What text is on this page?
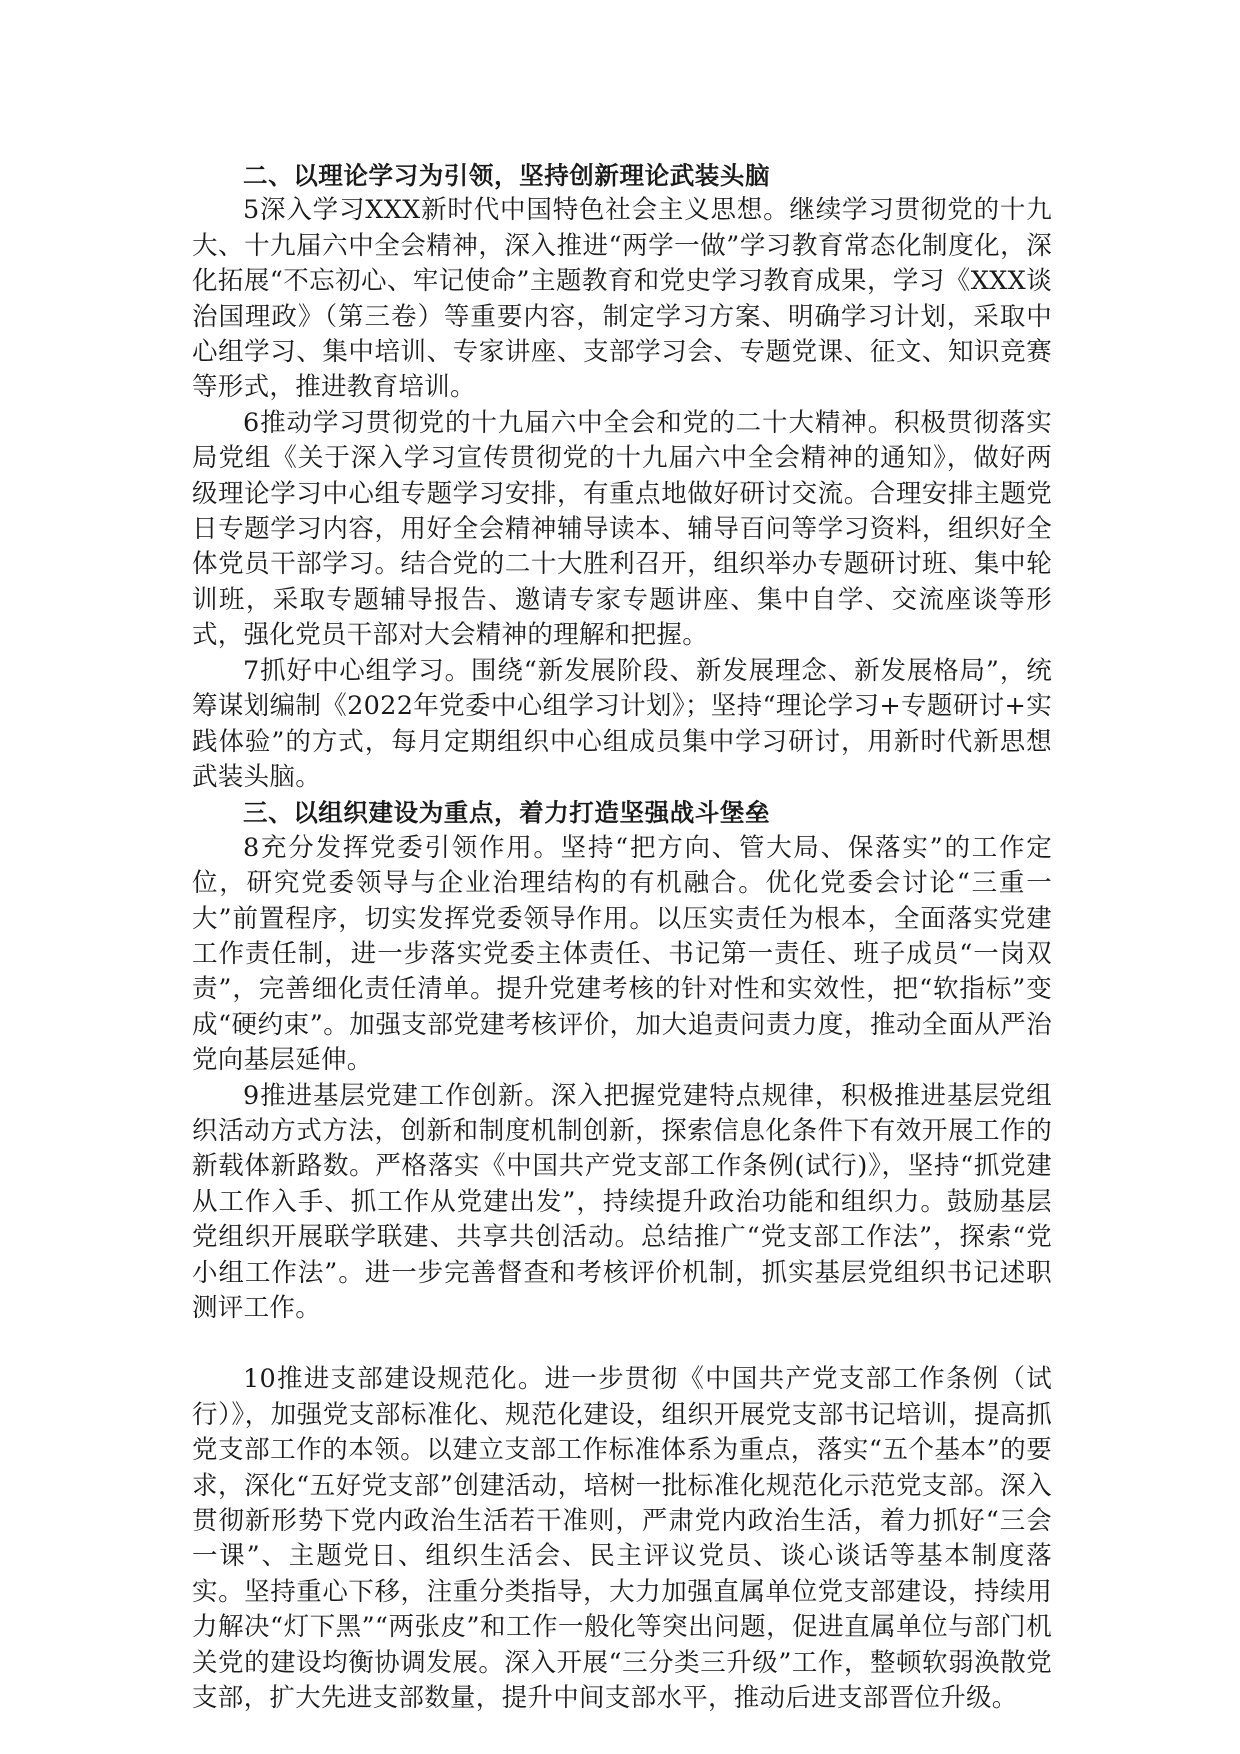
二、以理论学习为引领，坚持创新理论武装头脑

5深入学习XXX新时代中国特色社会主义思想。继续学习贯彻党的十九大、十九届六中全会精神，深入推进“两学一做”学习教育常态化制度化，深化拓展“不忘初心、牢记使命”主题教育和党史学习教育成果，学习《XXX谈治国理政》（第三卷）等重要内容，制定学习方案、明确学习计划，采取中心组学习、集中培训、专家讲座、支部学习会、专题党课、征文、知识竞赛等形式，推进教育培训。

6推动学习贯彻党的十九届六中全会和党的二十大精神。积极贯彻落实局党组《关于深入学习宣传贯彻党的十九届六中全会精神的通知》，做好两级理论学习中心组专题学习安排，有重点地做好研讨交流。合理安排主题党日专题学习内容，用好全会精神辅导读本、辅导百问等学习资料，组织好全体党员干部学习。结合党的二十大胜利召开，组织举办专题研讨班、集中轮训班，采取专题辅导报告、邀请专家专题讲座、集中自学、交流座谈等形式，强化党员干部对大会精神的理解和把握。

7抓好中心组学习。围绕“新发展阶段、新发展理念、新发展格局”，统筹谋划编制《2022年党委中心组学习计划》；坚持“理论学习+专题研讨+实践体验”的方式，每月定期组织中心组成员集中学习研讨，用新时代新思想武装头脑。

三、以组织建设为重点，着力打造坚强战斗堡垒

8充分发挥党委引领作用。坚持“把方向、管大局、保落实”的工作定位，研究党委领导与企业治理结构的有机融合。优化党委会讨论“三重一大”前置程序，切实发挥党委领导作用。以压实责任为根本，全面落实党建工作责任制，进一步落实党委主体责任、书记第一责任、班子成员“一岗双责”，完善细化责任清单。提升党建考核的针对性和实效性，把“软指标”变成“硬约束”。加强支部党建考核评价，加大追责问责力度，推动全面从严治党向基层延伸。

9推进基层党建工作创新。深入把握党建特点规律，积极推进基层党组织活动方式方法，创新和制度机制创新，探索信息化条件下有效开展工作的新载体新路数。严格落实《中国共产党支部工作条例(试行)》，坚持“抓党建从工作入手、抓工作从党建出发”，持续提升政治功能和组织力。鼓励基层党组织开展联学联建、共享共创活动。总结推广“党支部工作法”，探索“党小组工作法”。进一步完善督查和考核评价机制，抓实基层党组织书记述职测评工作。

10推进支部建设规范化。进一步贯彻《中国共产党支部工作条例（试行）》，加强党支部标准化、规范化建设，组织开展党支部书记培训，提高抓党支部工作的本领。以建立支部工作标准体系为重点，落实“五个基本”的要求，深化“五好党支部”创建活动，培树一批标准化规范化示范党支部。深入贯彻新形势下党内政治生活若干准则，严肃党内政治生活，着力抓好“三会一课”、主题党日、组织生活会、民主评议党员、谈心谈话等基本制度落实。坚持重心下移，注重分类指导，大力加强直属单位党支部建设，持续用力解决“灯下黑”“两张皮”和工作一般化等突出问题，促进直属单位与部门机关党的建设均衡协调发展。深入开展“三分类三升级”工作，整顿软弱涣散党支部，扩大先进支部数量，提升中间支部水平，推动后进支部晋位升级。
